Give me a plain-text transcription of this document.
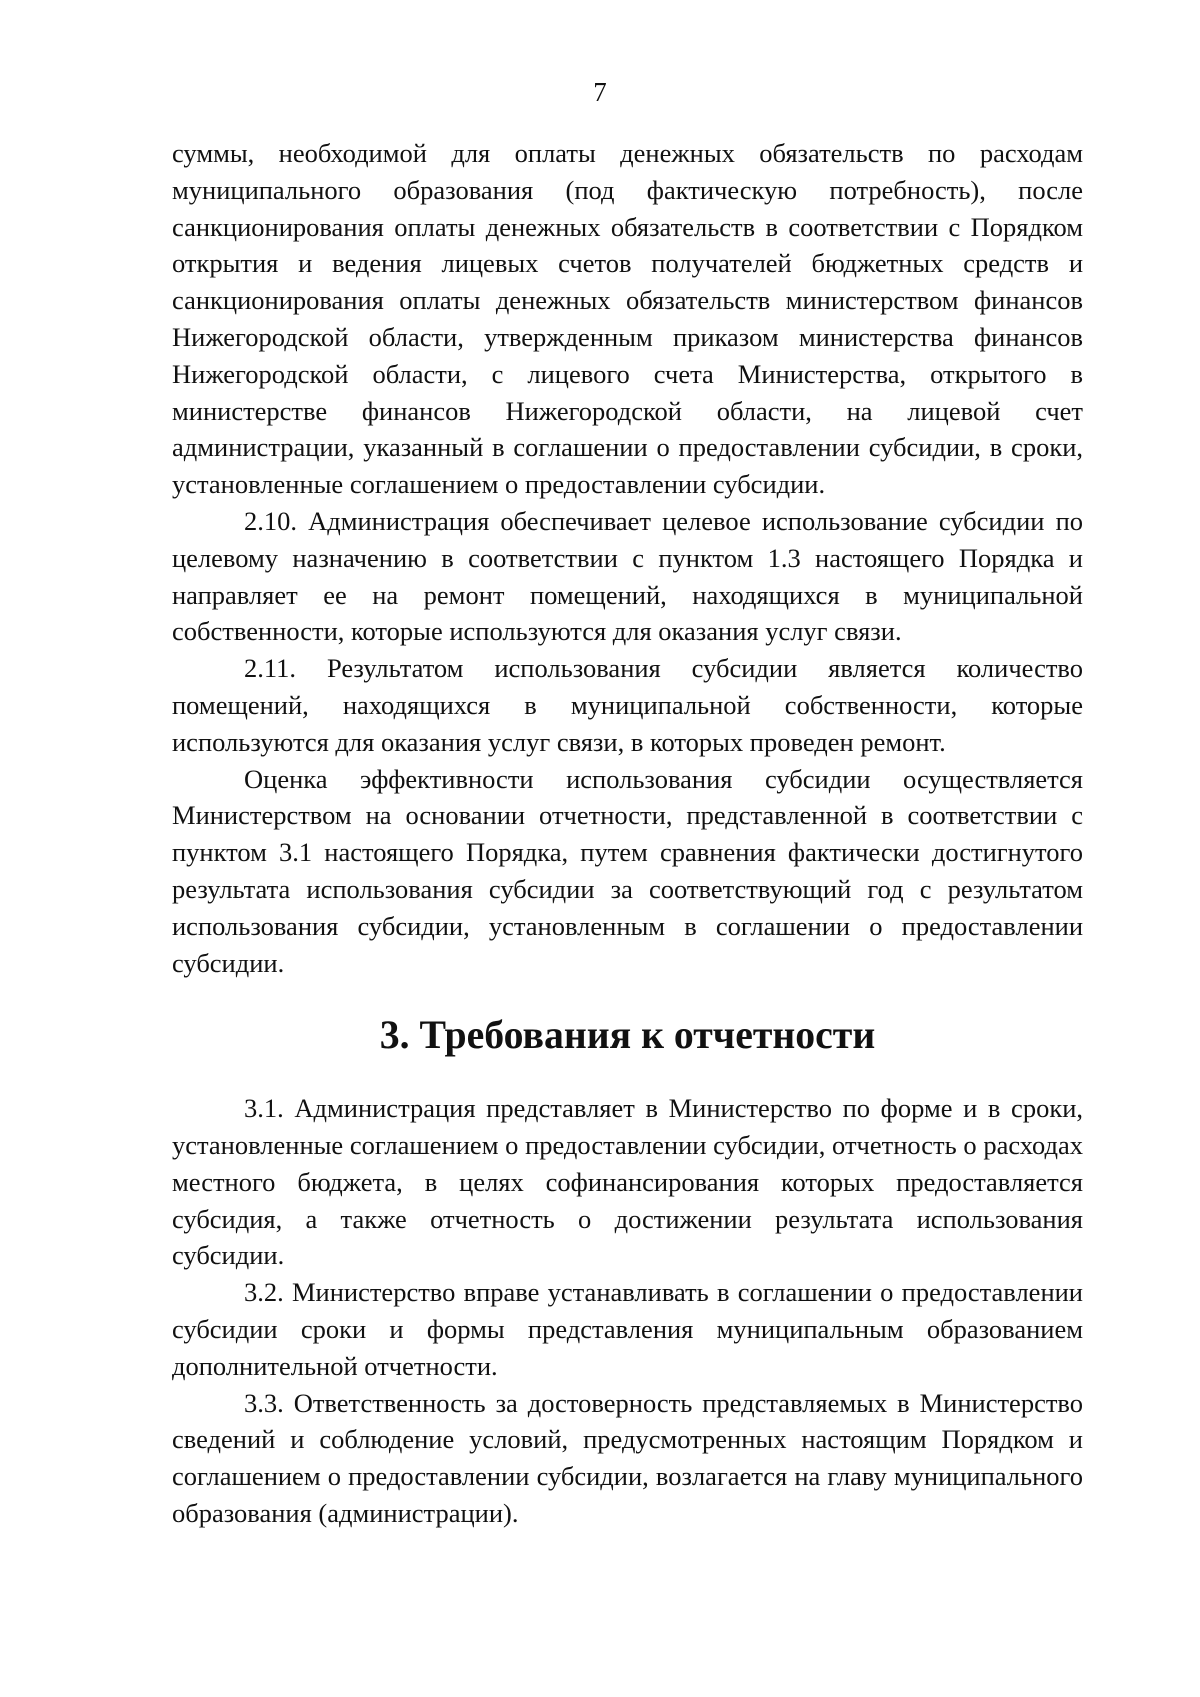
7

суммы, необходимой для оплаты денежных обязательств по расходам муниципального образования (под фактическую потребность), после санкционирования оплаты денежных обязательств в соответствии с Порядком открытия и ведения лицевых счетов получателей бюджетных средств и санкционирования оплаты денежных обязательств министерством финансов Нижегородской области, утвержденным приказом министерства финансов Нижегородской области, с лицевого счета Министерства, открытого в министерстве финансов Нижегородской области, на лицевой счет администрации, указанный в соглашении о предоставлении субсидии, в сроки, установленные соглашением о предоставлении субсидии.

2.10. Администрация обеспечивает целевое использование субсидии по целевому назначению в соответствии с пунктом 1.3 настоящего Порядка и направляет ее на ремонт помещений, находящихся в муниципальной собственности, которые используются для оказания услуг связи.

2.11. Результатом использования субсидии является количество помещений, находящихся в муниципальной собственности, которые используются для оказания услуг связи, в которых проведен ремонт.

Оценка эффективности использования субсидии осуществляется Министерством на основании отчетности, представленной в соответствии с пунктом 3.1 настоящего Порядка, путем сравнения фактически достигнутого результата использования субсидии за соответствующий год с результатом использования субсидии, установленным в соглашении о предоставлении субсидии.

3. Требования к отчетности

3.1. Администрация представляет в Министерство по форме и в сроки, установленные соглашением о предоставлении субсидии, отчетность о расходах местного бюджета, в целях софинансирования которых предоставляется субсидия, а также отчетность о достижении результата использования субсидии.

3.2. Министерство вправе устанавливать в соглашении о предоставлении субсидии сроки и формы представления муниципальным образованием дополнительной отчетности.

3.3. Ответственность за достоверность представляемых в Министерство сведений и соблюдение условий, предусмотренных настоящим Порядком и соглашением о предоставлении субсидии, возлагается на главу муниципального образования (администрации).
